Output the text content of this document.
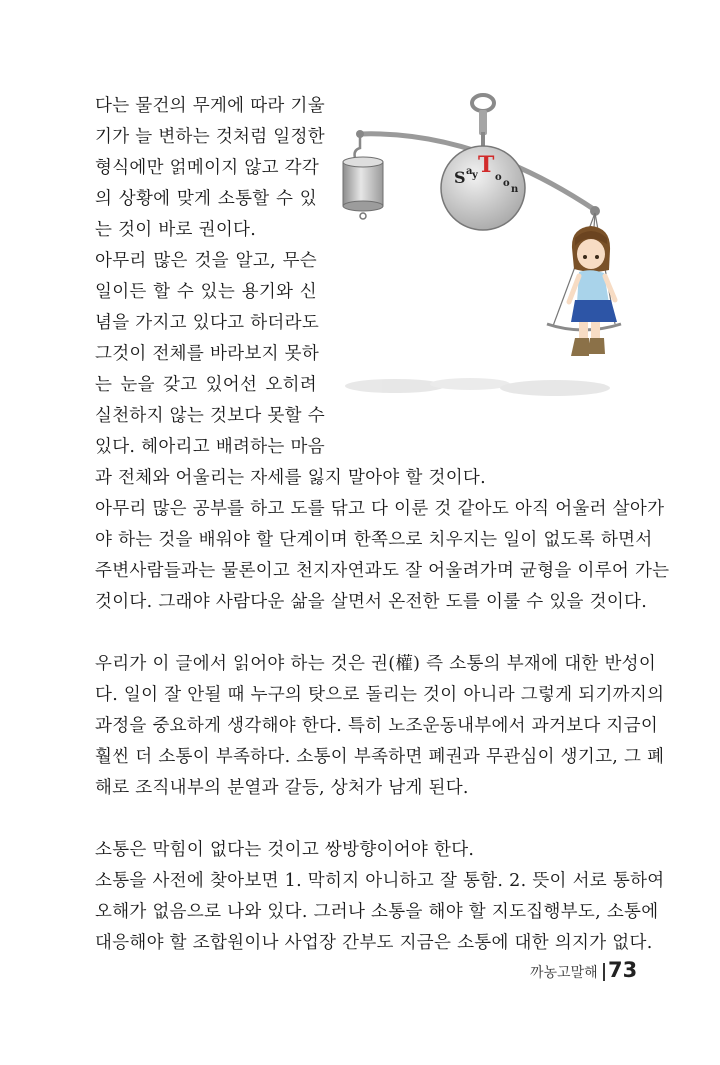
다는 물건의 무게에 따라 기울
기가 늘 변하는 것처럼 일정한
형식에만 얽메이지 않고 각각
의 상황에 맞게 소통할 수 있
는 것이 바로 권이다.
아무리 많은 것을 알고, 무슨
일이든 할 수 있는 용기와 신
념을 가지고 있다고 하더라도
그것이 전체를 바라보지 못하
는 눈을 갖고 있어선 오히려
실천하지 않는 것보다 못할 수
있다. 헤아리고 배려하는 마음
과 전체와 어울리는 자세를 잃지 말아야 할 것이다.
아무리 많은 공부를 하고 도를 닦고 다 이룬 것 같아도 아직 어울러 살아가
야 하는 것을 배워야 할 단계이며 한쪽으로 치우지는 일이 없도록 하면서
주변사람들과는 물론이고 천지자연과도 잘 어울려가며 균형을 이루어 가는
것이다. 그래야 사람다운 삶을 살면서 온전한 도를 이룰 수 있을 것이다.
우리가 이 글에서 읽어야 하는 것은 권(權) 즉 소통의 부재에 대한 반성이
다. 일이 잘 안될 때 누구의 탓으로 돌리는 것이 아니라 그렇게 되기까지의
과정을 중요하게 생각해야 한다. 특히 노조운동내부에서 과거보다 지금이
훨씬 더 소통이 부족하다. 소통이 부족하면 폐권과 무관심이 생기고, 그 폐
해로 조직내부의 분열과 갈등, 상처가 남게 된다.
소통은 막힘이 없다는 것이고 쌍방향이어야 한다.
소통을 사전에 찾아보면 1. 막히지 아니하고 잘 통함. 2. 뜻이 서로 통하여
오해가 없음으로 나와 있다. 그러나 소통을 해야 할 지도집행부도, 소통에
대응해야 할 조합원이나 사업장 간부도 지금은 소통에 대한 의지가 없다.
S a y T o
o
n
까농고말해 73
